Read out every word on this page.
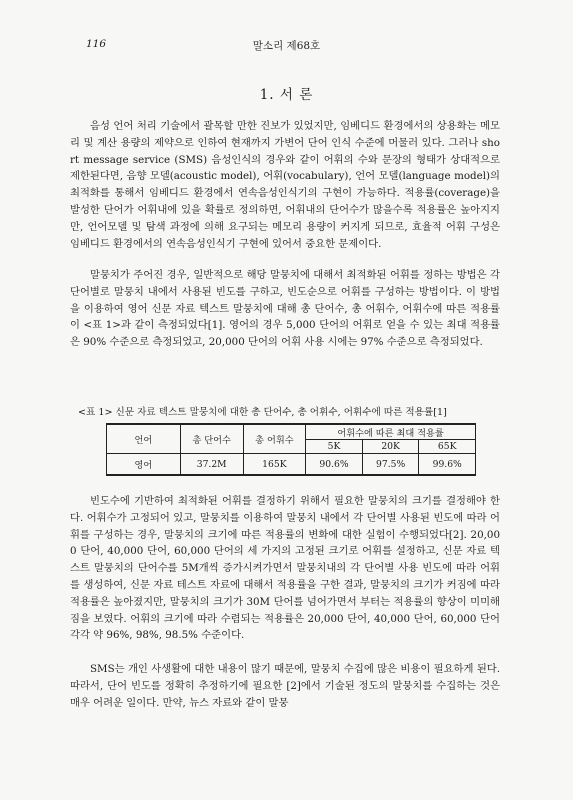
116	말소리 제68호
1. 서 론

음성 언어 처리 기술에서 괄목할 만한 진보가 있었지만, 임베디드 환경에서의 상용화는 메모리 및 계산 용량의 제약으로 인하여 현재까지 가변어 단어 인식 수준에 머물러 있다. 그러나 short message service (SMS) 음성인식의 경우와 같이 어휘의 수와 문장의 형태가 상대적으로 제한된다면, 음향 모델(acoustic model), 어휘(vocabulary), 언어 모델(language model)의 최적화를 통해서 임베디드 환경에서 연속음성인식기의 구현이 가능하다. 적용률(coverage)을 발성한 단어가 어휘내에 있을 확률로 정의하면, 어휘내의 단어수가 많을수록 적용률은 높아지지만, 언어모델 및 탐색 과정에 의해 요구되는 메모리 용량이 커지게 되므로, 효율적 어휘 구성은 임베디드 환경에서의 연속음성인식기 구현에 있어서 중요한 문제이다.

말뭉치가 주어진 경우, 일반적으로 해당 말뭉치에 대해서 최적화된 어휘를 정하는 방법은 각 단어별로 말뭉치 내에서 사용된 빈도를 구하고, 빈도순으로 어휘를 구성하는 방법이다. 이 방법을 이용하여 영어 신문 자료 텍스트 말뭉치에 대해 총 단어수, 총 어휘수, 어휘수에 따른 적용률이 <표 1>과 같이 측정되었다[1]. 영어의 경우 5,000 단어의 어휘로 얻을 수 있는 최대 적용률은 90% 수준으로 측정되었고, 20,000 단어의 어휘 사용 시에는 97% 수준으로 측정되었다.

<표 1> 신문 자료 텍스트 말뭉치에 대한 총 단어수, 총 어휘수, 어휘수에 따른 적용률[1]
언어	총 단어수	총 어휘수	어휘수에 따른 최대 적용률		
			5K	20K	65K
영어	37.2M	165K	90.6%	97.5%	99.6%

빈도수에 기반하여 최적화된 어휘를 결정하기 위해서 필요한 말뭉치의 크기를 결정해야 한다. 어휘수가 고정되어 있고, 말뭉치를 이용하여 말뭉치 내에서 각 단어별 사용된 빈도에 따라 어휘를 구성하는 경우, 말뭉치의 크기에 따른 적용률의 변화에 대한 실험이 수행되었다[2]. 20,000 단어, 40,000 단어, 60,000 단어의 세 가지의 고정된 크기로 어휘를 설정하고, 신문 자료 텍스트 말뭉치의 단어수를 5M개씩 증가시켜가면서 말뭉치내의 각 단어별 사용 빈도에 따라 어휘를 생성하여, 신문 자료 테스트 자료에 대해서 적용률을 구한 결과, 말뭉치의 크기가 커짐에 따라 적용률은 높아졌지만, 말뭉치의 크기가 30M 단어를 넘어가면서 부터는 적용률의 향상이 미미해짐을 보였다. 어휘의 크기에 따라 수렴되는 적용률은 20,000 단어, 40,000 단어, 60,000 단어 각각 약 96%, 98%, 98.5% 수준이다.

SMS는 개인 사생활에 대한 내용이 많기 때문에, 말뭉치 수집에 많은 비용이 필요하게 된다. 따라서, 단어 빈도를 정확히 추정하기에 필요한 [2]에서 기술된 정도의 말뭉치를 수집하는 것은 매우 어려운 일이다. 만약, 뉴스 자료와 같이 말뭉
